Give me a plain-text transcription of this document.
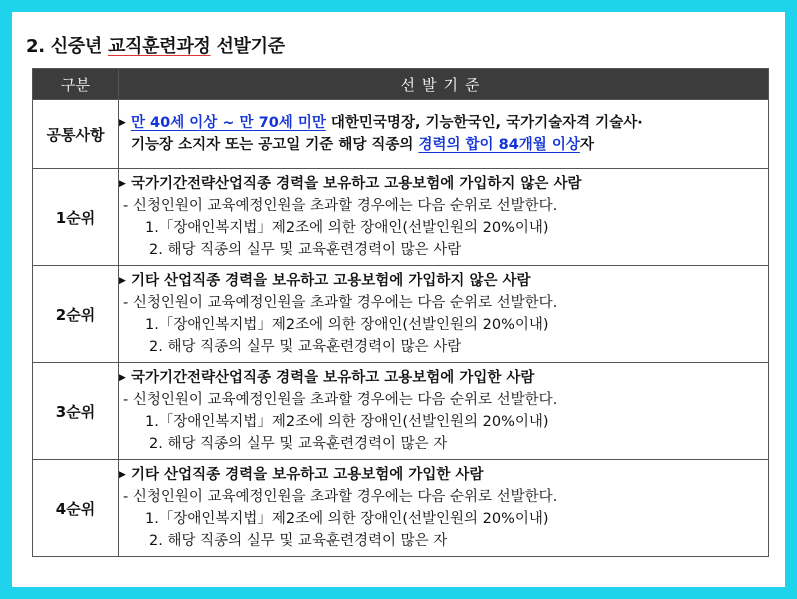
2. 신중년 교직훈련과정 선발기준
구분	선발기준
공통사항	▶ 만 40세 이상 ~ 만 70세 미만 대한민국명장, 기능한국인, 국가기술자격 기술사·
기능장 소지자 또는 공고일 기준 해당 직종의 경력의 합이 84개월 이상자

1순위	▶ 국가기간전략산업직종 경력을 보유하고 고용보험에 가입하지 않은 사람
- 신청인원이 교육예정인원을 초과할 경우에는 다음 순위로 선발한다.
1.「장애인복지법」제2조에 의한 장애인(선발인원의 20%이내)
2. 해당 직종의 실무 및 교육훈련경력이 많은 사람

2순위	▶ 기타 산업직종 경력을 보유하고 고용보험에 가입하지 않은 사람
- 신청인원이 교육예정인원을 초과할 경우에는 다음 순위로 선발한다.
1.「장애인복지법」제2조에 의한 장애인(선발인원의 20%이내)
2. 해당 직종의 실무 및 교육훈련경력이 많은 사람

3순위	▶ 국가기간전략산업직종 경력을 보유하고 고용보험에 가입한 사람
- 신청인원이 교육예정인원을 초과할 경우에는 다음 순위로 선발한다.
1.「장애인복지법」제2조에 의한 장애인(선발인원의 20%이내)
2. 해당 직종의 실무 및 교육훈련경력이 많은 자

4순위	▶ 기타 산업직종 경력을 보유하고 고용보험에 가입한 사람
- 신청인원이 교육예정인원을 초과할 경우에는 다음 순위로 선발한다.
1.「장애인복지법」제2조에 의한 장애인(선발인원의 20%이내)
2. 해당 직종의 실무 및 교육훈련경력이 많은 자
